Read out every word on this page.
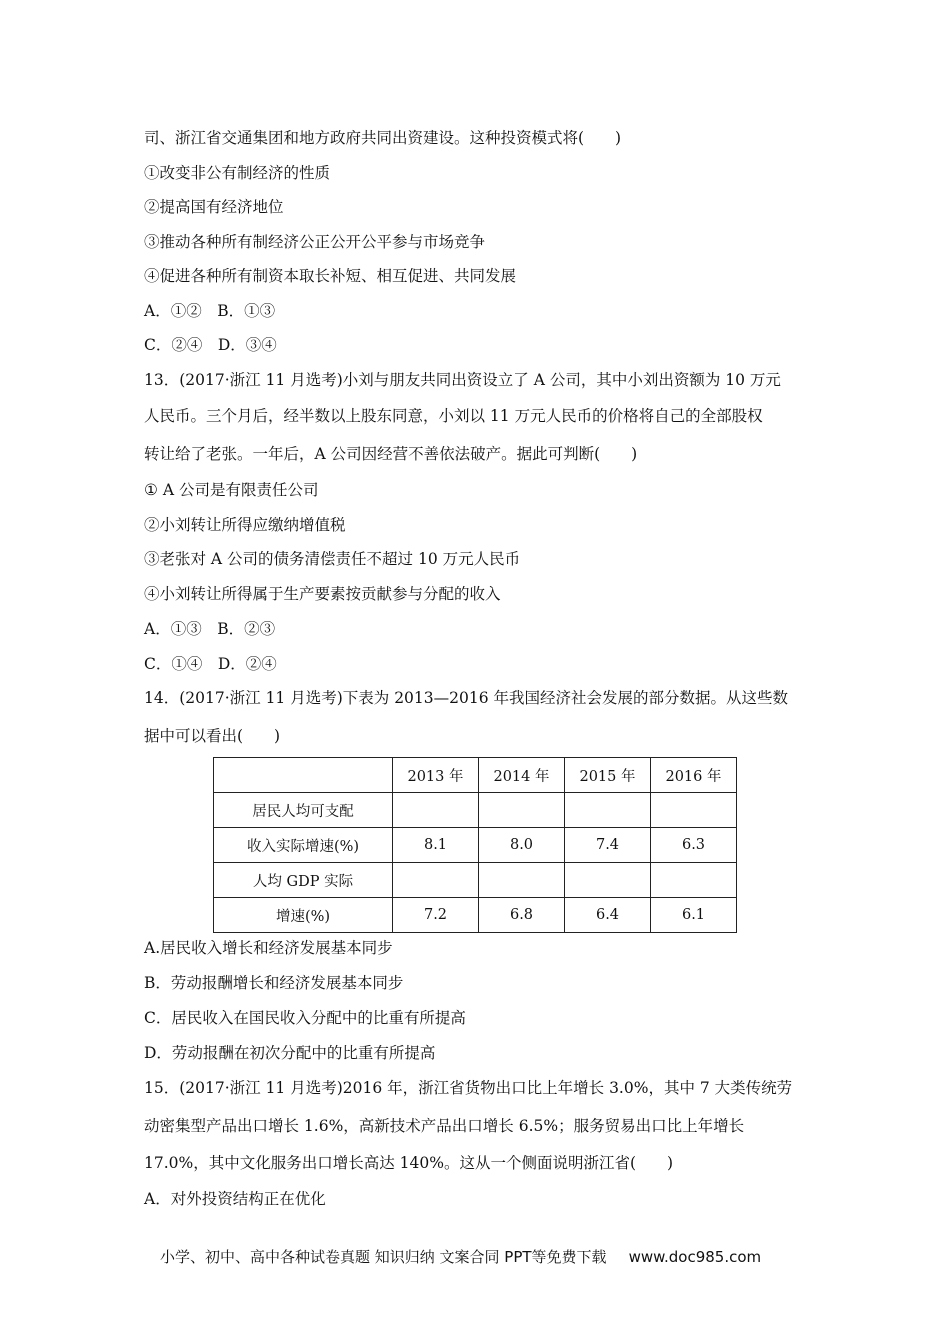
司、浙江省交通集团和地方政府共同出资建设。这种投资模式将(　　)
①改变非公有制经济的性质
②提高国有经济地位
③推动各种所有制经济公正公开公平参与市场竞争
④促进各种所有制资本取长补短、相互促进、共同发展
A．①②　B．①③
C．②④　D．③④
13．(2017·浙江 11 月选考)小刘与朋友共同出资设立了 A 公司，其中小刘出资额为 10 万元
人民币。三个月后，经半数以上股东同意，小刘以 11 万元人民币的价格将自己的全部股权
转让给了老张。一年后，A 公司因经营不善依法破产。据此可判断(　　)
① A 公司是有限责任公司
②小刘转让所得应缴纳增值税
③老张对 A 公司的债务清偿责任不超过 10 万元人民币
④小刘转让所得属于生产要素按贡献参与分配的收入
A．①③　B．②③
C．①④　D．②④
14．(2017·浙江 11 月选考)下表为 2013—2016 年我国经济社会发展的部分数据。从这些数
据中可以看出(　　)
	2013 年	2014 年	2015 年	2016 年
居民人均可支配				
收入实际增速(%)	8.1	8.0	7.4	6.3
人均 GDP 实际				
增速(%)	7.2	6.8	6.4	6.1
A.居民收入增长和经济发展基本同步
B．劳动报酬增长和经济发展基本同步
C．居民收入在国民收入分配中的比重有所提高
D．劳动报酬在初次分配中的比重有所提高
15．(2017·浙江 11 月选考)2016 年，浙江省货物出口比上年增长 3.0%，其中 7 大类传统劳
动密集型产品出口增长 1.6%，高新技术产品出口增长 6.5%；服务贸易出口比上年增长
17.0%，其中文化服务出口增长高达 140%。这从一个侧面说明浙江省(　　)
A．对外投资结构正在优化
小学、初中、高中各种试卷真题 知识归纳 文案合同 PPT等免费下载 www.doc985.com
